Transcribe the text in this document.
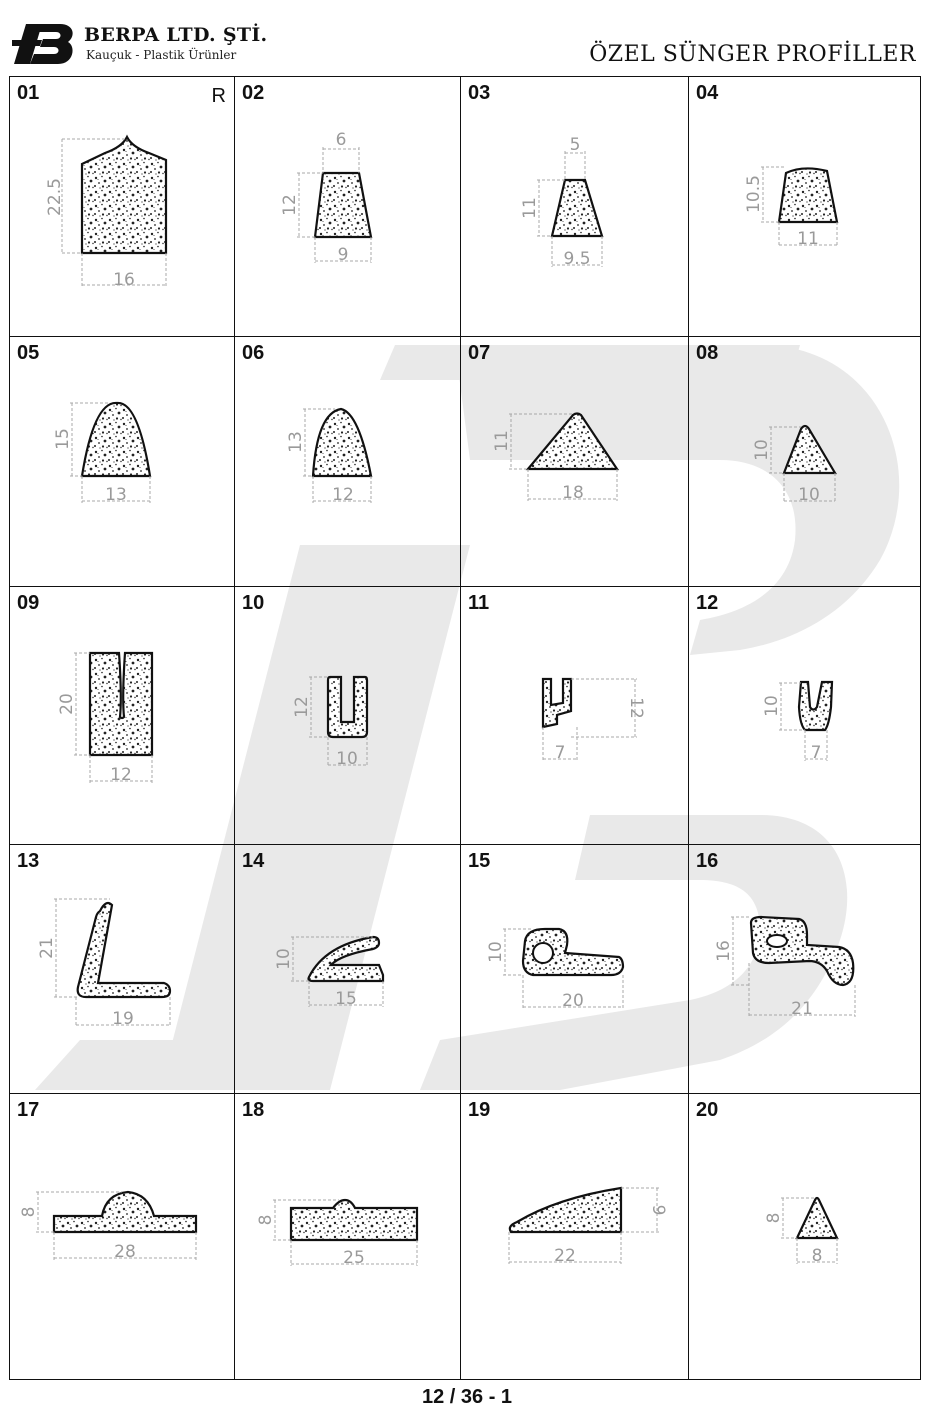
BERPA LTD. ŞTİ.
Kauçuk - Plastik Ürünler	ÖZEL SÜNGER PROFİLLER
01	R
22.5
16
02
6
12
9
03
5
11
9.5
04
10.5
11
05
15
13
06
13
12
07
11
18
08
10
10
09
20
12
10
12
10
11
12
7
12
10
7
13
21
19
14
10
15
15
10
20
16
16
21
17
8
28
18
8
25
19
9
22
20
8
8
12 / 36 - 1
